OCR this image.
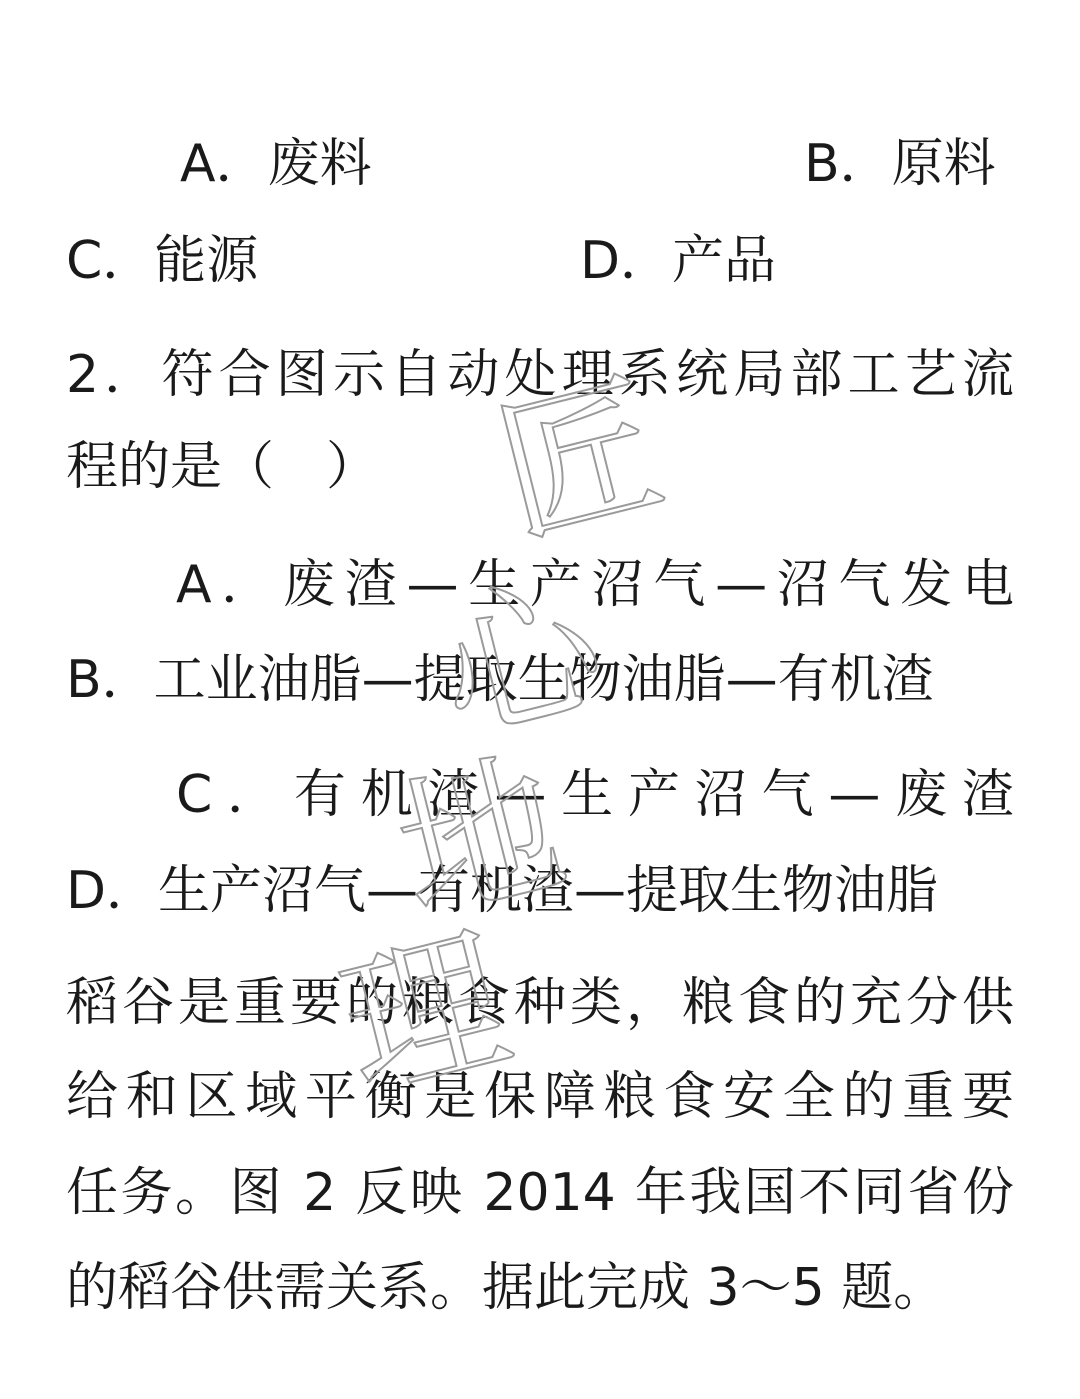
A．废料	B．原料
C．能源	D．产品
2．符合图示自动处理系统局部工艺流
程的是（　）
A．废渣—生产沼气—沼气发电
B．工业油脂—提取生物油脂—有机渣
C．有机渣—生产沼气—废渣
D．生产沼气—有机渣—提取生物油脂
稻谷是重要的粮食种类，粮食的充分供
给和区域平衡是保障粮食安全的重要
任务。图 2 反映 2014 年我国不同省份
的稻谷供需关系。据此完成 3～5 题。
匠
心
地
理
